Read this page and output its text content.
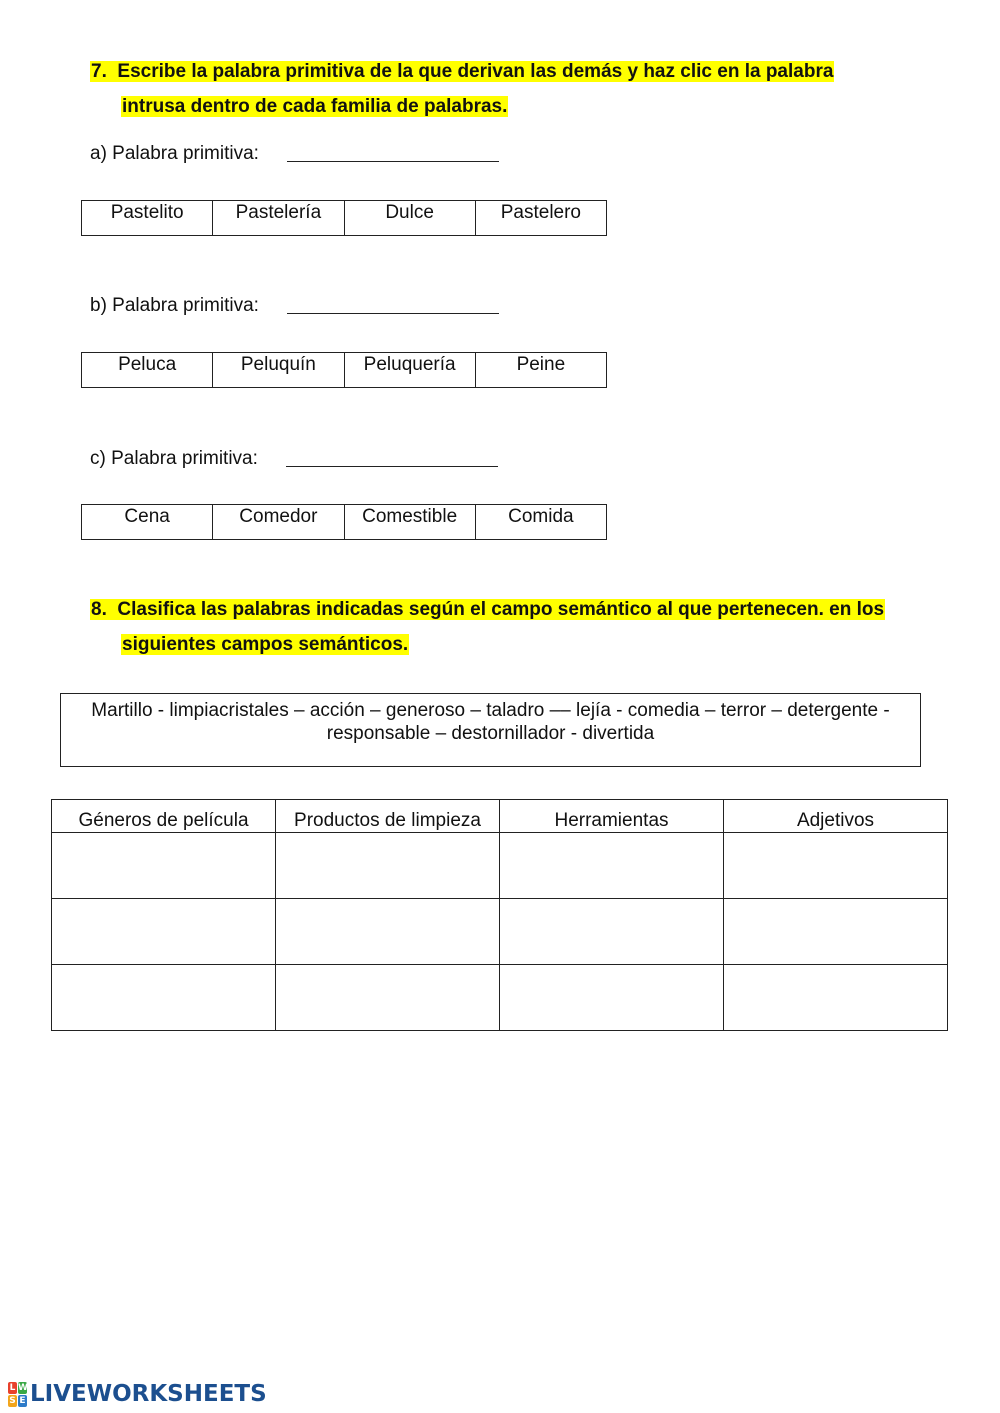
7. Escribe la palabra primitiva de la que derivan las demás y haz clic en la palabra
intrusa dentro de cada familia de palabras.
a) Palabra primitiva:
Pastelito	Pastelería	Dulce	Pastelero
b) Palabra primitiva:
Peluca	Peluquín	Peluquería	Peine
c) Palabra primitiva:
Cena	Comedor	Comestible	Comida
8. Clasifica las palabras indicadas según el campo semántico al que pertenecen. en los
siguientes campos semánticos.
Martillo - limpiacristales – acción – generoso – taladro –– lejía - comedia – terror – detergente -
responsable – destornillador - divertida
Géneros de película	Productos de limpieza	Herramientas	Adjetivos

L W
S E LIVEWORKSHEETS
